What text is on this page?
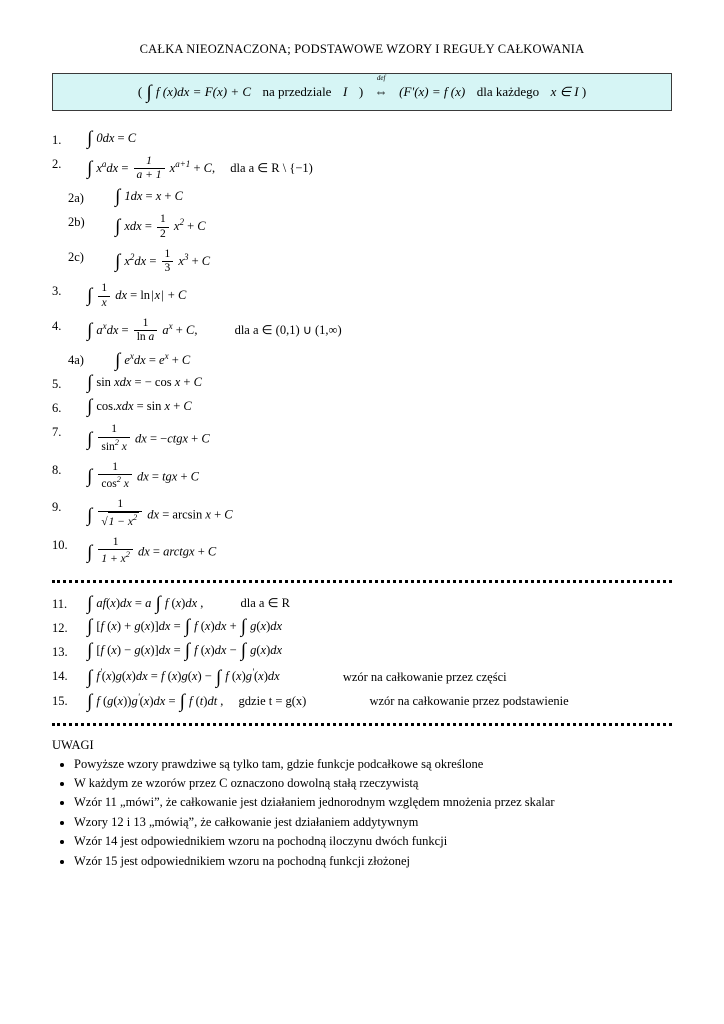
CAŁKA NIEOZNACZONA; PODSTAWOWE WZORY I REGUŁY CAŁKOWANIA
( ∫ f (x)dx = F(x) + C na przedziale I )
def
⇔  (F'(x) = f (x) dla każdego x ∈ I )
1.	∫ 0dx = C
2.	∫ $x^adx = \frac{1}{a + 1} x^{a+1} + C$, dla a ∈ R \ {−1)
2a)	∫ 1dx = x + C
2b)	∫ xdx = $\frac{1}{2} x^2 + C$
2c)	∫ $x^2dx = \frac{1}{3} x^3 + C$
3.	∫ $\frac{1}{x}$ dx = ln|x| + C
4.	∫ $a^xdx = \frac{1}{\text{ln a}} a^x + C$,	dla a ∈ (0,1) ∪ (1,∞)
4a)	∫ $e^xdx = e^x + C$
5.	∫ sin xdx = − cos x + C
6.	∫ cos.xdx = sin x + C
7.	∫ $\frac{1}{\sin^2 x}$ dx = −ctgx + C
8.	∫ $\frac{1}{\cos^2 x}$ dx = tgx + C
9.	∫ $\frac{1}{√1 - x^2}$ dx = arcsin x + C
10.	∫ $\frac{1}{1 + x^2}$ dx = arctgx + C
11.	∫ af(x)dx = a ∫ f (x)dx ,	dla a ∈ R
12.	∫ [f (x) + g(x)]dx = ∫ f (x)dx + ∫ g(x)dx
13.	∫ [f (x) − g(x)]dx = ∫ f (x)dx − ∫ g(x)dx
14.	∫ f'(x)g(x)dx = f (x)g(x) − ∫ f (x)g'(x)dx	wzór na całkowanie przez części
15.	∫ f (g(x))g'(x)dx = ∫ f (t)dt , gdzie t = g(x)	wzór na całkowanie przez podstawienie
UWAGI
• Powyższe wzory prawdziwe są tylko tam, gdzie funkcje podcałkowe są określone
• W każdym ze wzorów przez C oznaczono dowolną stałą rzeczywistą
• Wzór 11 „mówi”, że całkowanie jest działaniem jednorodnym względem mnożenia przez skalar
• Wzory 12 i 13 „mówią”, że całkowanie jest działaniem addytywnym
• Wzór 14 jest odpowiednikiem wzoru na pochodną iloczynu dwóch funkcji
• Wzór 15 jest odpowiednikiem wzoru na pochodną funkcji złożonej
